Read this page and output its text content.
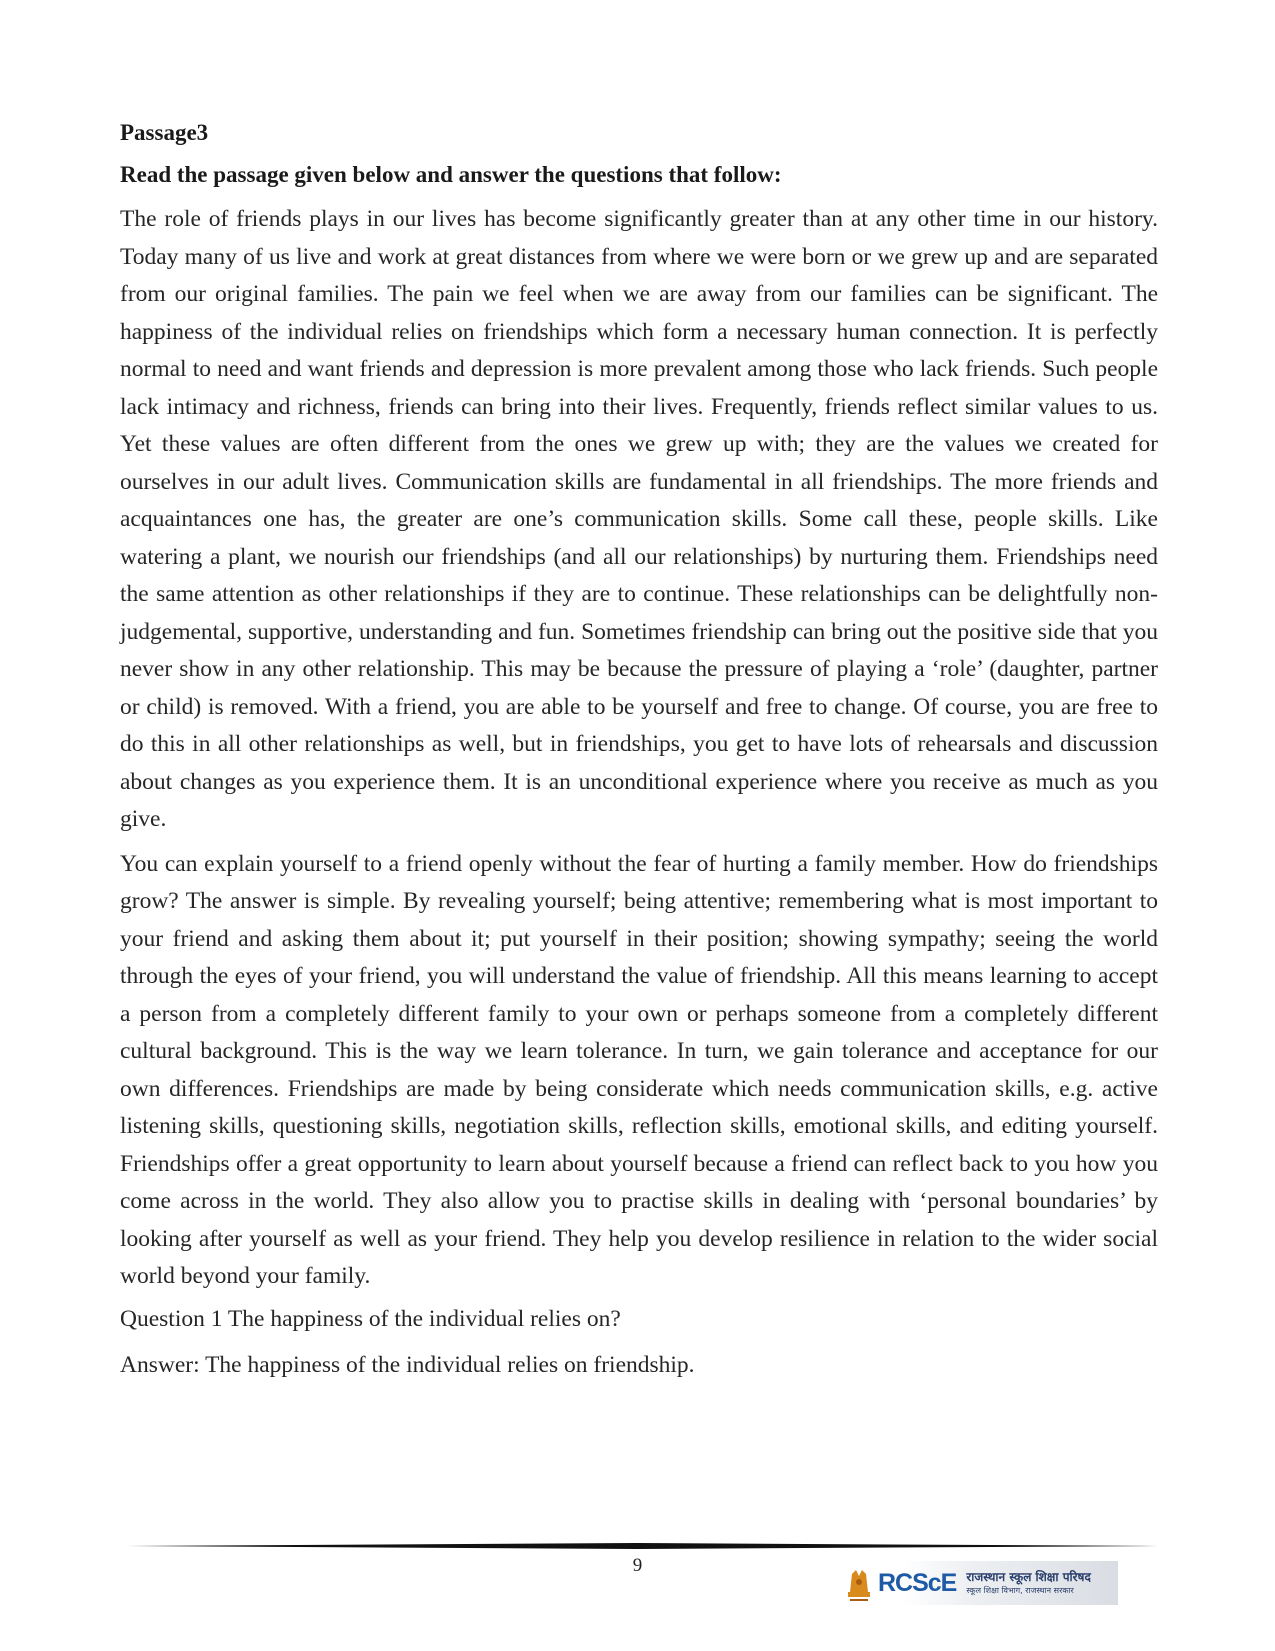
Passage3
Read the passage given below and answer the questions that follow:

The role of friends plays in our lives has become significantly greater than at any other time in our history. Today many of us live and work at great distances from where we were born or we grew up and are separated from our original families. The pain we feel when we are away from our families can be significant. The happiness of the individual relies on friendships which form a necessary human connection. It is perfectly normal to need and want friends and depression is more prevalent among those who lack friends. Such people lack intimacy and richness, friends can bring into their lives. Frequently, friends reflect similar values to us. Yet these values are often different from the ones we grew up with; they are the values we created for ourselves in our adult lives. Communication skills are fundamental in all friendships. The more friends and acquaintances one has, the greater are one’s communication skills. Some call these, people skills. Like watering a plant, we nourish our friendships (and all our relationships) by nurturing them. Friendships need the same attention as other relationships if they are to continue. These relationships can be delightfully non-judgemental, supportive, understanding and fun. Sometimes friendship can bring out the positive side that you never show in any other relationship. This may be because the pressure of playing a ‘role’ (daughter, partner or child) is removed. With a friend, you are able to be yourself and free to change. Of course, you are free to do this in all other relationships as well, but in friendships, you get to have lots of rehearsals and discussion about changes as you experience them. It is an unconditional experience where you receive as much as you give.

You can explain yourself to a friend openly without the fear of hurting a family member. How do friendships grow? The answer is simple. By revealing yourself; being attentive; remembering what is most important to your friend and asking them about it; put yourself in their position; showing sympathy; seeing the world through the eyes of your friend, you will understand the value of friendship. All this means learning to accept a person from a completely different family to your own or perhaps someone from a completely different cultural background. This is the way we learn tolerance. In turn, we gain tolerance and acceptance for our own differences. Friendships are made by being considerate which needs communication skills, e.g. active listening skills, questioning skills, negotiation skills, reflection skills, emotional skills, and editing yourself. Friendships offer a great opportunity to learn about yourself because a friend can reflect back to you how you come across in the world. They also allow you to practise skills in dealing with ‘personal boundaries’ by looking after yourself as well as your friend. They help you develop resilience in relation to the wider social world beyond your family.

Question 1 The happiness of the individual relies on?
Answer: The happiness of the individual relies on friendship.
9
RCScE राजस्थान स्कूल शिक्षा परिषद
स्कूल शिक्षा विभाग, राजस्थान सरकार
